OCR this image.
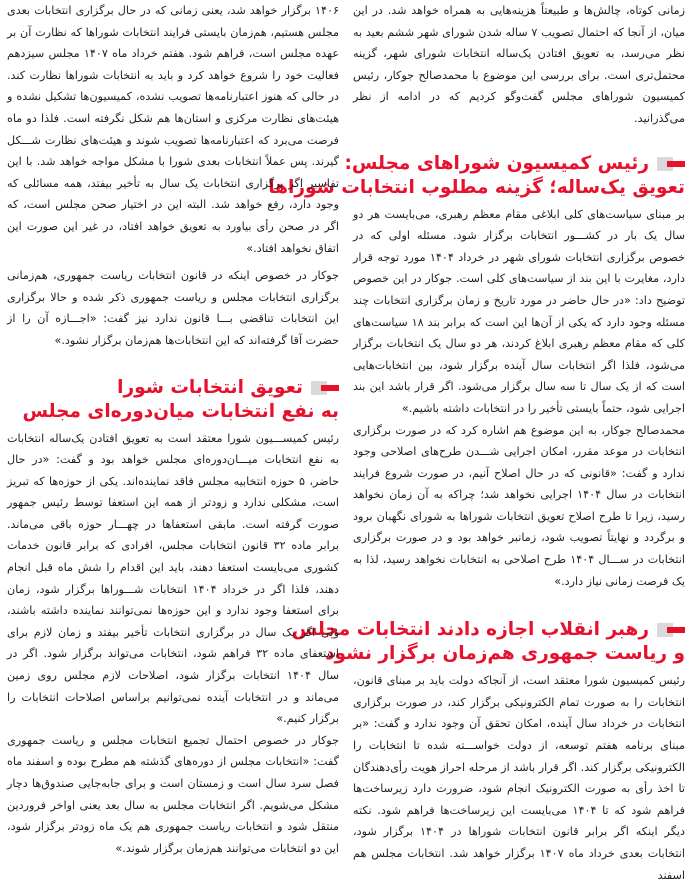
زمانی کوتاه، چالش‌ها و طبیعتاً هزینه‌هایی به همراه خواهد شد. در این میان، از آنجا که احتمال تصویب ۷ ساله شدن شورای شهر ششم بعید به نظر می‌رسد، به تعویق افتادن یک‌ساله انتخابات شورای شهر، گزینه محتمل‌تری است. برای بررسی این موضوع با محمدصالح جوکار، رئیس کمیسیون شوراهای مجلس گفت‌وگو کردیم که در ادامه از نظر می‌گذرانید.

رئیس کمیسیون شوراهای مجلس:
تعویق یک‌ساله؛ گزینه مطلوب انتخابات شوراها

بر مبنای سیاست‌های کلی ابلاغی مقام معظم رهبری، می‌بایست هر دو سال یک بار در کشـــور انتخابات برگزار شود. مسئله اولی که در خصوص برگزاری انتخابات شورای شهر در خرداد ۱۴۰۴ مورد توجه قرار دارد، مغایرت با این بند از سیاست‌های کلی است. جوکار در این خصوص توضیح داد: «در حال حاضر در مورد تاریخ و زمان برگزاری انتخابات چند مسئله وجود دارد که یکی از آن‌ها این است که برابر بند ۱۸ سیاست‌های کلی که مقام معظم رهبری ابلاغ کردند، هر دو سال یک انتخابات برگزار می‌شود، فلذا اگر انتخابات سال آینده برگزار شود، بین انتخابات‌هایی است که از یک سال تا سه سال برگزار می‌شود. اگر قرار باشد این بند اجرایی شود، حتماً بایستی تأخیر را در انتخابات داشته باشیم.»

محمدصالح جوکار، به این موضوع هم اشاره کرد که در صورت برگزاری انتخابات در موعد مقرر، امکان اجرایی شـــدن طرح‌های اصلاحی وجود ندارد و گفت: «قانونی که در حال اصلاح آنیم، در صورت شروع فرایند انتخابات در سال ۱۴۰۴ اجرایی نخواهد شد؛ چراکه به آن زمان نخواهد رسید، زیرا تا طرح اصلاح تعویق انتخابات شوراها به شورای نگهبان برود و برگردد و نهایتاً تصویب شود، زمانبر خواهد بود و در صورت برگزاری انتخابات در ســـال ۱۴۰۴ طرح اصلاحی به انتخابات نخواهد رسید، لذا به یک فرصت زمانی نیاز دارد.»

رهبر انقلاب اجازه دادند انتخابات مجلس
و ریاست جمهوری هم‌زمان برگزار نشود

رئیس کمیسیون شورا معتقد است، از آنجاکه دولت باید بر مبنای قانون، انتخابات را به صورت تمام الکترونیکی برگزار کند، در صورت برگزاری انتخابات در خرداد سال آینده، امکان تحقق آن وجود ندارد و گفت: «بر مبنای برنامه هفتم توسعه، از دولت خواســـته شده تا انتخابات را الکترونیکی برگزار کند. اگر قرار باشد از مرحله احراز هویت رأی‌دهندگان تا اخذ رأی به صورت الکترونیک انجام شود، ضرورت دارد زیرساخت‌ها فراهم شود که تا ۱۴۰۴ می‌بایست این زیرساخت‌ها فراهم شود. نکته دیگر اینکه اگر برابر قانون انتخابات شوراها در ۱۴۰۴ برگزار شود، انتخابات بعدی خرداد ماه ۱۴۰۷ برگزار خواهد شد. انتخابات مجلس هم اسفند

۱۴۰۶ برگزار خواهد شد، یعنی زمانی که در حال برگزاری انتخابات بعدی مجلس هستیم، هم‌زمان بایستی فرایند انتخابات شوراها که نظارت آن بر عهده مجلس است، فراهم شود. هفتم خرداد ماه ۱۴۰۷ مجلس سیزدهم فعالیت خود را شروع خواهد کرد و باید به انتخابات شوراها نظارت کند. در حالی که هنوز اعتبارنامه‌ها تصویب نشده، کمیسیون‌ها تشکیل نشده و هیئت‌های نظارت مرکزی و استان‌ها هم شکل نگرفته است. فلذا دو ماه فرصت می‌برد که اعتبارنامه‌ها تصویب شوند و هیئت‌های نظارت شـــکل گیرند. پس عملاً انتخابات بعدی شورا با مشکل مواجه خواهد شد. با این تفاسیر اگر برگزاری انتخابات یک سال به تأخیر بیفتد، همه مسائلی که وجود دارد، رفع خواهد شد. البته این در اختیار صحن مجلس است، که اگر در صحن رأی بیاورد به تعویق خواهد افتاد، در غیر این صورت این اتفاق نخواهد افتاد.»

جوکار در خصوص اینکه در قانون انتخابات ریاست جمهوری، هم‌زمانی برگزاری انتخابات مجلس و ریاست جمهوری ذکر شده و حالا برگزاری این انتخابات تناقضی بـــا قانون ندارد نیز گفت: «اجـــازه آن را از حضرت آقا گرفته‌اند که این انتخابات‌ها هم‌زمان برگزار نشود.»

تعویق انتخابات شورا
به نفع انتخابات میان‌دوره‌ای مجلس

رئیس کمیســـیون شورا معتقد است به تعویق افتادن یک‌ساله انتخابات به نفع انتخابات میـــان‌دوره‌ای مجلس خواهد بود و گفت: «در حال حاضر، ۵ حوزه انتخابیه مجلس فاقد نماینده‌اند. یکی از حوزه‌ها که تبریز است، مشکلی ندارد و زودتر از همه این استعفا توسط رئیس جمهور صورت گرفته است. مابقی استعفاها در چهـــار حوزه باقی می‌ماند. برابر ماده ۳۲ قانون انتخابات مجلس، افرادی که برابر قانون خدمات کشوری می‌بایست استعفا دهند، باید این اقدام را شش ماه قبل انجام دهند، فلذا اگر در خرداد ۱۴۰۴ انتخابات شـــوراها برگزار شود، زمان برای استعفا وجود ندارد و این حوزه‌ها نمی‌توانند نماینده داشته باشند، ولی اگر یک سال در برگزاری انتخابات تأخیر بیفتد و زمان لازم برای استعفای ماده ۳۲ فراهم شود، انتخابات می‌تواند برگزار شود. اگر در سال ۱۴۰۴ انتخابات برگزار شود، اصلاحات لازم مجلس روی زمین می‌ماند و در انتخابات آینده نمی‌توانیم براساس اصلاحات انتخابات را برگزار کنیم.»

جوکار در خصوص احتمال تجمیع انتخابات مجلس و ریاست جمهوری گفت: «انتخابات مجلس از دوره‌های گذشته هم مطرح بوده و اسفند ماه فصل سرد سال است و زمستان است و برای جابه‌جایی صندوق‌ها دچار مشکل می‌شویم. اگر انتخابات مجلس به سال بعد یعنی اواخر فروردین منتقل شود و انتخابات ریاست جمهوری هم یک ماه زودتر برگزار شود، این دو انتخابات می‌توانند هم‌زمان برگزار شوند.»
